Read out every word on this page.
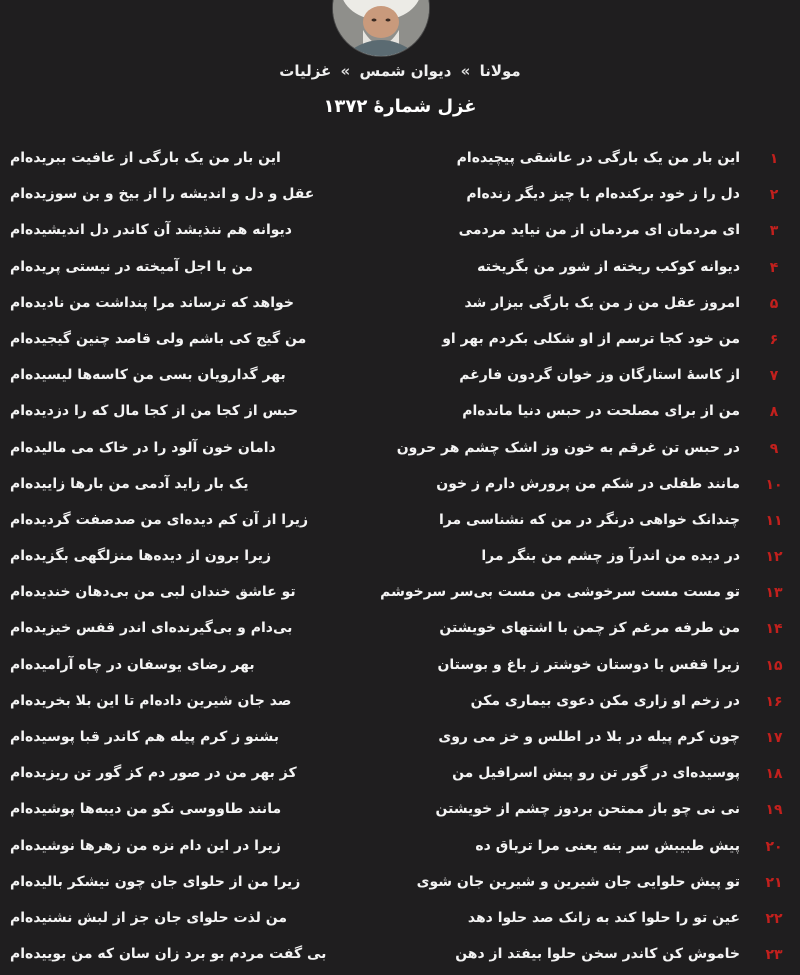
مولانا » دیوان شمس » غزلیات
غزل شمارهٔ ۱۳۷۲
۱
این بار من یک بارگی در عاشقی پیچیده‌ام
این بار من یک بارگی از عافیت ببریده‌ام
۲
دل را ز خود برکنده‌ام با چیز دیگر زنده‌ام
عقل و دل و اندیشه را از بیخ و بن سوزیده‌ام
۳
ای مردمان ای مردمان از من نیاید مردمی
دیوانه هم ننذیشد آن کاندر دل اندیشیده‌ام
۴
دیوانه کوکب ریخته از شور من بگریخته
من با اجل آمیخته در نیستی پریده‌ام
۵
امروز عقل من ز من یک بارگی بیزار شد
خواهد که ترساند مرا پنداشت من نادیده‌ام
۶
من خود کجا ترسم از او شکلی بکردم بهر او
من گیج کی باشم ولی قاصد چنین گیجیده‌ام
۷
از کاسهٔ استارگان وز خوان گردون فارغم
بهر گدارویان بسی من کاسه‌ها لیسیده‌ام
۸
من از برای مصلحت در حبس دنیا مانده‌ام
حبس از کجا من از کجا مال که را دزدیده‌ام
۹
در حبس تن غرقم به خون وز اشک چشم هر حرون
دامان خون آلود را در خاک می مالیده‌ام
۱۰
مانند طفلی در شکم من پرورش دارم ز خون
یک بار زاید آدمی من بارها زاییده‌ام
۱۱
چندانک خواهی درنگر در من که نشناسی مرا
زیرا از آن کم دیده‌ای من صدصفت گردیده‌ام
۱۲
در دیده من اندرآ وز چشم من بنگر مرا
زیرا برون از دیده‌ها منزلگهی بگزیده‌ام
۱۳
تو مست مست سرخوشی من مست بی‌سر سرخوشم
تو عاشق خندان لبی من بی‌دهان خندیده‌ام
۱۴
من طرفه مرغم کز چمن با اشتهای خویشتن
بی‌دام و بی‌گیرنده‌ای اندر قفس خیزیده‌ام
۱۵
زیرا قفس با دوستان خوشتر ز باغ و بوستان
بهر رضای یوسفان در چاه آرامیده‌ام
۱۶
در زخم او زاری مکن دعوی بیماری مکن
صد جان شیرین داده‌ام تا این بلا بخریده‌ام
۱۷
چون کرم پیله در بلا در اطلس و خز می روی
بشنو ز کرم پیله هم کاندر قبا پوسیده‌ام
۱۸
پوسیده‌ای در گور تن رو پیش اسرافیل من
کز بهر من در صور دم کز گور تن ریزیده‌ام
۱۹
نی نی چو باز ممتحن بردوز چشم از خویشتن
مانند طاووسی نکو من دیبه‌ها پوشیده‌ام
۲۰
پیش طبیبش سر بنه یعنی مرا تریاق ده
زیرا در این دام نزه من زهرها نوشیده‌ام
۲۱
تو پیش حلوایی جان شیرین و شیرین جان شوی
زیرا من از حلوای جان چون نیشکر بالیده‌ام
۲۲
عین تو را حلوا کند به زانک صد حلوا دهد
من لذت حلوای جان جز از لبش نشنیده‌ام
۲۳
خاموش کن کاندر سخن حلوا بیفتد از دهن
بی گفت مردم بو برد زان سان که من بوییده‌ام
